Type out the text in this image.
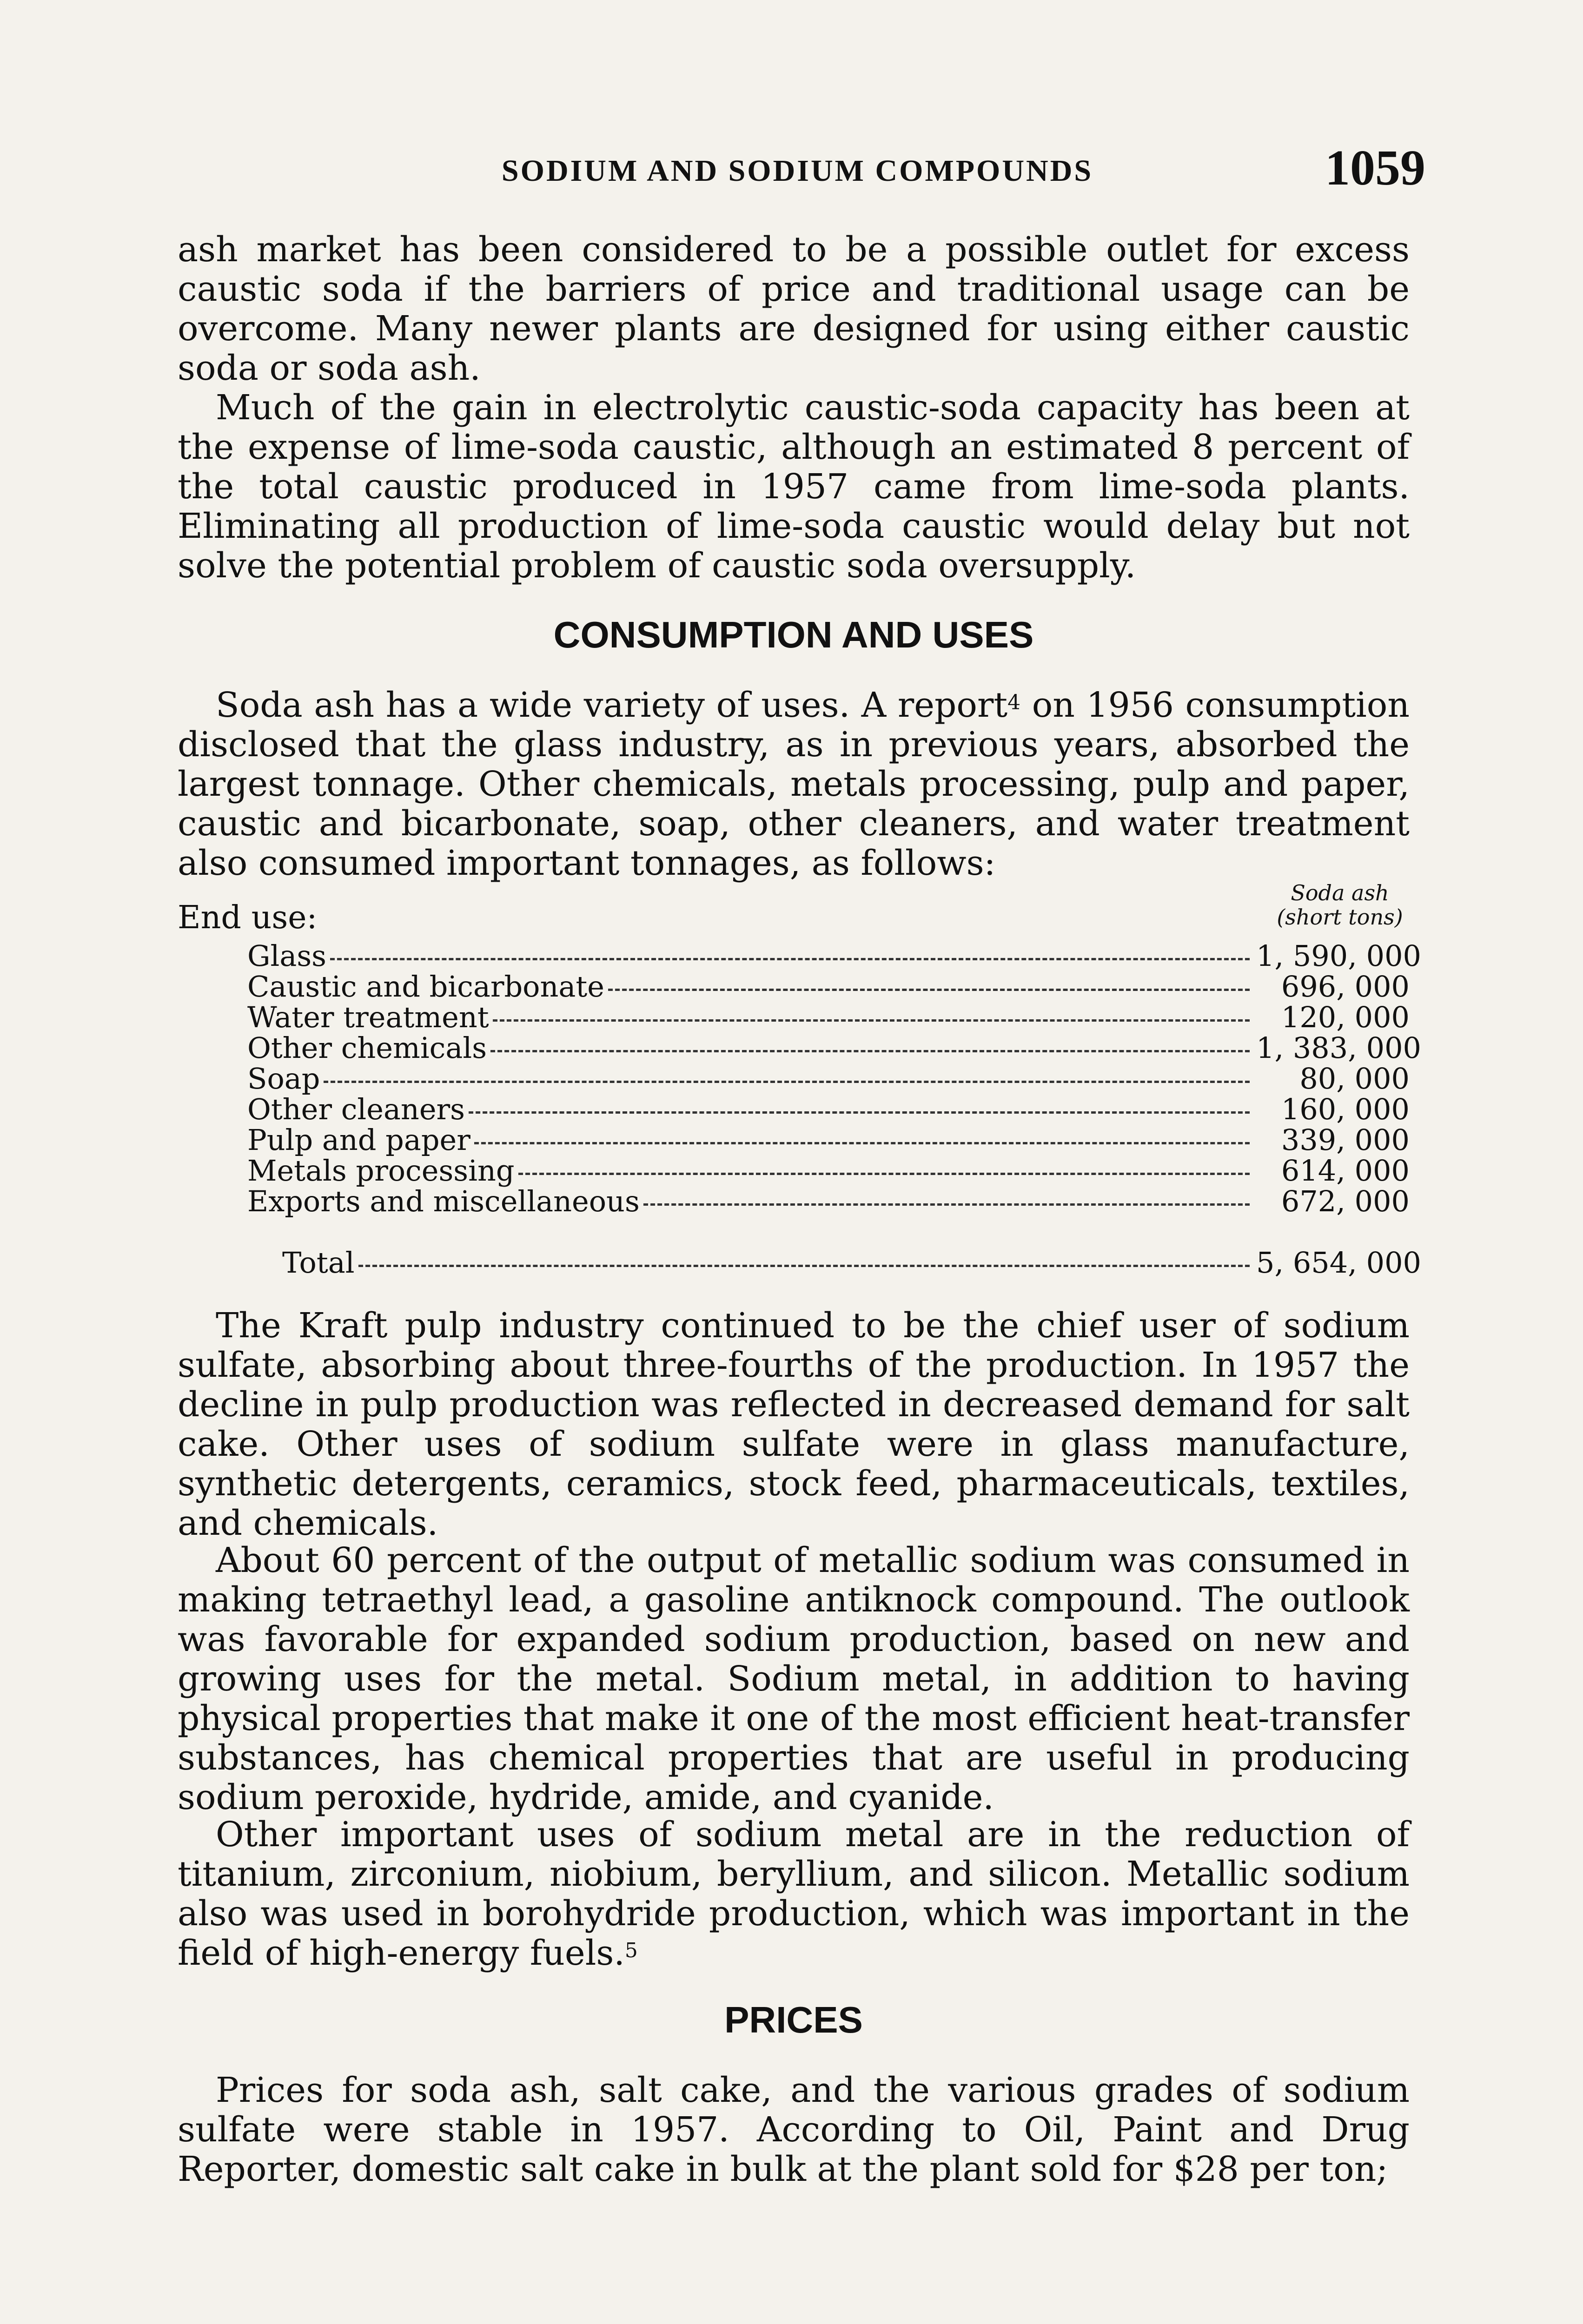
SODIUM AND SODIUM COMPOUNDS	1059
ash market has been considered to be a possible outlet for excess caustic soda if the barriers of price and traditional usage can be overcome. Many newer plants are designed for using either caustic soda or soda ash.
Much of the gain in electrolytic caustic-soda capacity has been at the expense of lime-soda caustic, although an estimated 8 percent of the total caustic produced in 1957 came from lime-soda plants. Eliminating all production of lime-soda caustic would delay but not solve the potential problem of caustic soda oversupply.
CONSUMPTION AND USES
Soda ash has a wide variety of uses. A report$^4$ on 1956 consumption disclosed that the glass industry, as in previous years, absorbed the largest tonnage. Other chemicals, metals processing, pulp and paper, caustic and bicarbonate, soap, other cleaners, and water treatment also consumed important tonnages, as follows:
End use:
Soda ash
(short tons)
Glass	1, 590, 000
Caustic and bicarbonate	696, 000
Water treatment	120, 000
Other chemicals	1, 383, 000
Soap	80, 000
Other cleaners	160, 000
Pulp and paper	339, 000
Metals processing	614, 000
Exports and miscellaneous	672, 000
Total	5, 654, 000
The Kraft pulp industry continued to be the chief user of sodium sulfate, absorbing about three-fourths of the production. In 1957 the decline in pulp production was reflected in decreased demand for salt cake. Other uses of sodium sulfate were in glass manufacture, synthetic detergents, ceramics, stock feed, pharmaceuticals, textiles, and chemicals.
About 60 percent of the output of metallic sodium was consumed in making tetraethyl lead, a gasoline antiknock compound. The outlook was favorable for expanded sodium production, based on new and growing uses for the metal. Sodium metal, in addition to having physical properties that make it one of the most efficient heat-transfer substances, has chemical properties that are useful in producing sodium peroxide, hydride, amide, and cyanide.
Other important uses of sodium metal are in the reduction of titanium, zirconium, niobium, beryllium, and silicon. Metallic sodium also was used in borohydride production, which was important in the field of high-energy fuels.$^5$
PRICES
Prices for soda ash, salt cake, and the various grades of sodium sulfate were stable in 1957. According to Oil, Paint and Drug Reporter, domestic salt cake in bulk at the plant sold for $28 per ton;
